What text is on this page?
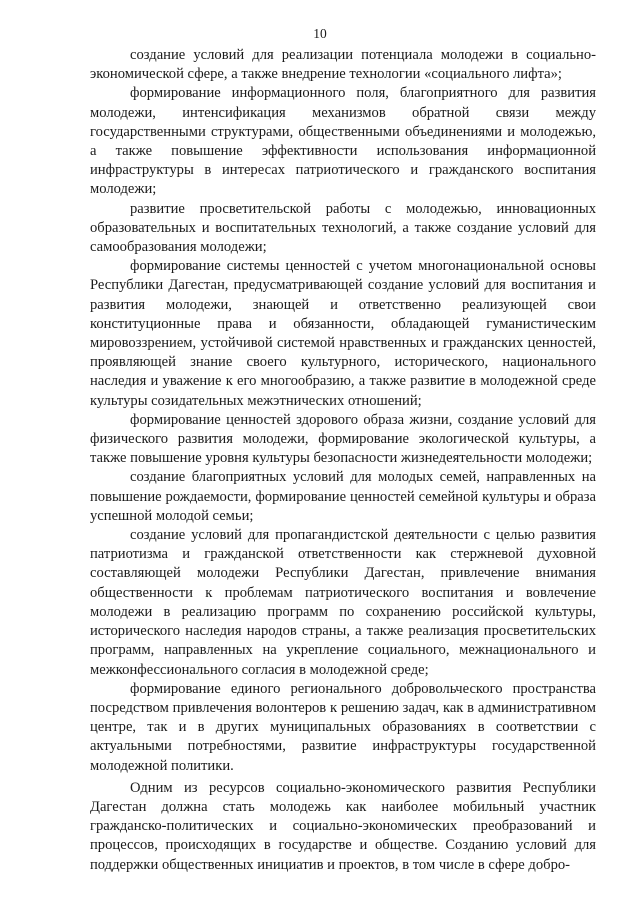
10

создание условий для реализации потенциала молодежи в социально-экономической сфере, а также внедрение технологии «социального лифта»;

формирование информационного поля, благоприятного для развития молодежи, интенсификация механизмов обратной связи между государственными структурами, общественными объединениями и молодежью, а также повышение эффективности использования информационной инфраструктуры в интересах патриотического и гражданского воспитания молодежи;

развитие просветительской работы с молодежью, инновационных образовательных и воспитательных технологий, а также создание условий для самообразования молодежи;

формирование системы ценностей с учетом многонациональной основы Республики Дагестан, предусматривающей создание условий для воспитания и развития молодежи, знающей и ответственно реализующей свои конституционные права и обязанности, обладающей гуманистическим мировоззрением, устойчивой системой нравственных и гражданских ценностей, проявляющей знание своего культурного, исторического, национального наследия и уважение к его многообразию, а также развитие в молодежной среде культуры созидательных межэтнических отношений;

формирование ценностей здорового образа жизни, создание условий для физического развития молодежи, формирование экологической культуры, а также повышение уровня культуры безопасности жизнедеятельности молодежи;

создание благоприятных условий для молодых семей, направленных на повышение рождаемости, формирование ценностей семейной культуры и образа успешной молодой семьи;

создание условий для пропагандистской деятельности с целью развития патриотизма и гражданской ответственности как стержневой духовной составляющей молодежи Республики Дагестан, привлечение внимания общественности к проблемам патриотического воспитания и вовлечение молодежи в реализацию программ по сохранению российской культуры, исторического наследия народов страны, а также реализация просветительских программ, направленных на укрепление социального, межнационального и межконфессионального согласия в молодежной среде;

формирование единого регионального добровольческого пространства посредством привлечения волонтеров к решению задач, как в административном центре, так и в других муниципальных образованиях в соответствии с актуальными потребностями, развитие инфраструктуры государственной молодежной политики.

Одним из ресурсов социально-экономического развития Республики Дагестан должна стать молодежь как наиболее мобильный участник гражданско-политических и социально-экономических преобразований и процессов, происходящих в государстве и обществе. Созданию условий для поддержки общественных инициатив и проектов, в том числе в сфере добро-
